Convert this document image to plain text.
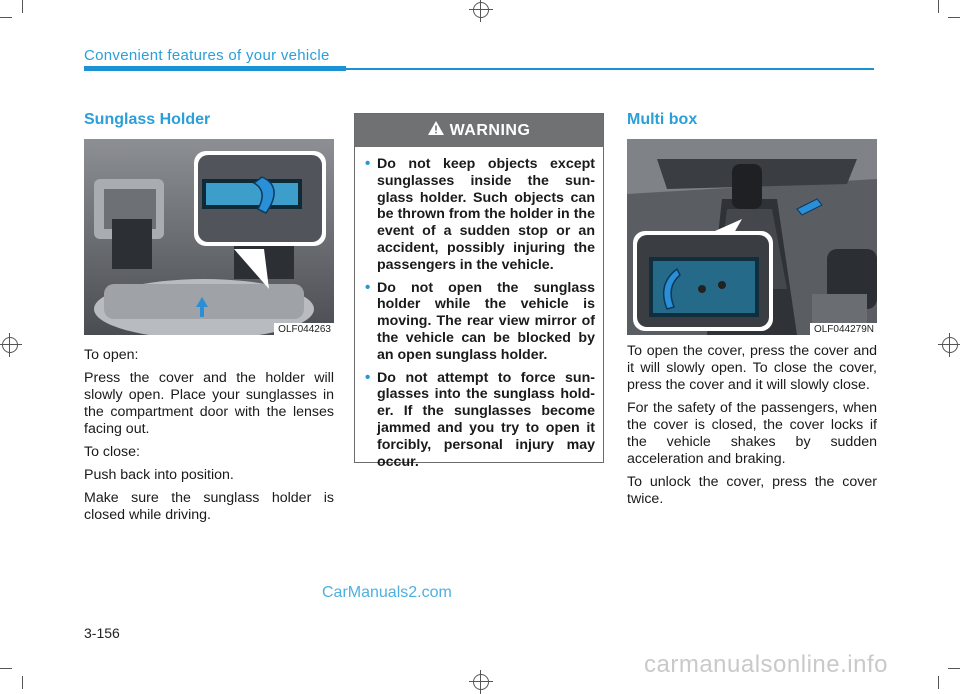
Convenient features of your vehicle
Sunglass Holder
OLF044263

To open:

Press the cover and the holder will slowly open. Place your sunglasses in the compartment door with the lenses facing out.

To close:

Push back into position.

Make sure the sunglass holder is closed while driving.

WARNING
• Do not keep objects except sunglasses inside the sun- glass holder. Such objects can be thrown from the holder in the event of a sudden stop or an accident, possibly injuring the passengers in the vehicle.
• Do not open the sunglass holder while the vehicle is moving. The rear view mirror of the vehicle can be blocked by an open sunglass holder.
• Do not attempt to force sun- glasses into the sunglass hold- er. If the sunglasses become jammed and you try to open it forcibly, personal injury may occur.
Multi box
OLF044279N

To open the cover, press the cover and it will slowly open. To close the cover, press the cover and it will slowly close.

For the safety of the passengers, when the cover is closed, the cover locks if the vehicle shakes by sudden acceleration and braking.

To unlock the cover, press the cover twice.

CarManuals2.com
3-156
carmanualsonline.info
